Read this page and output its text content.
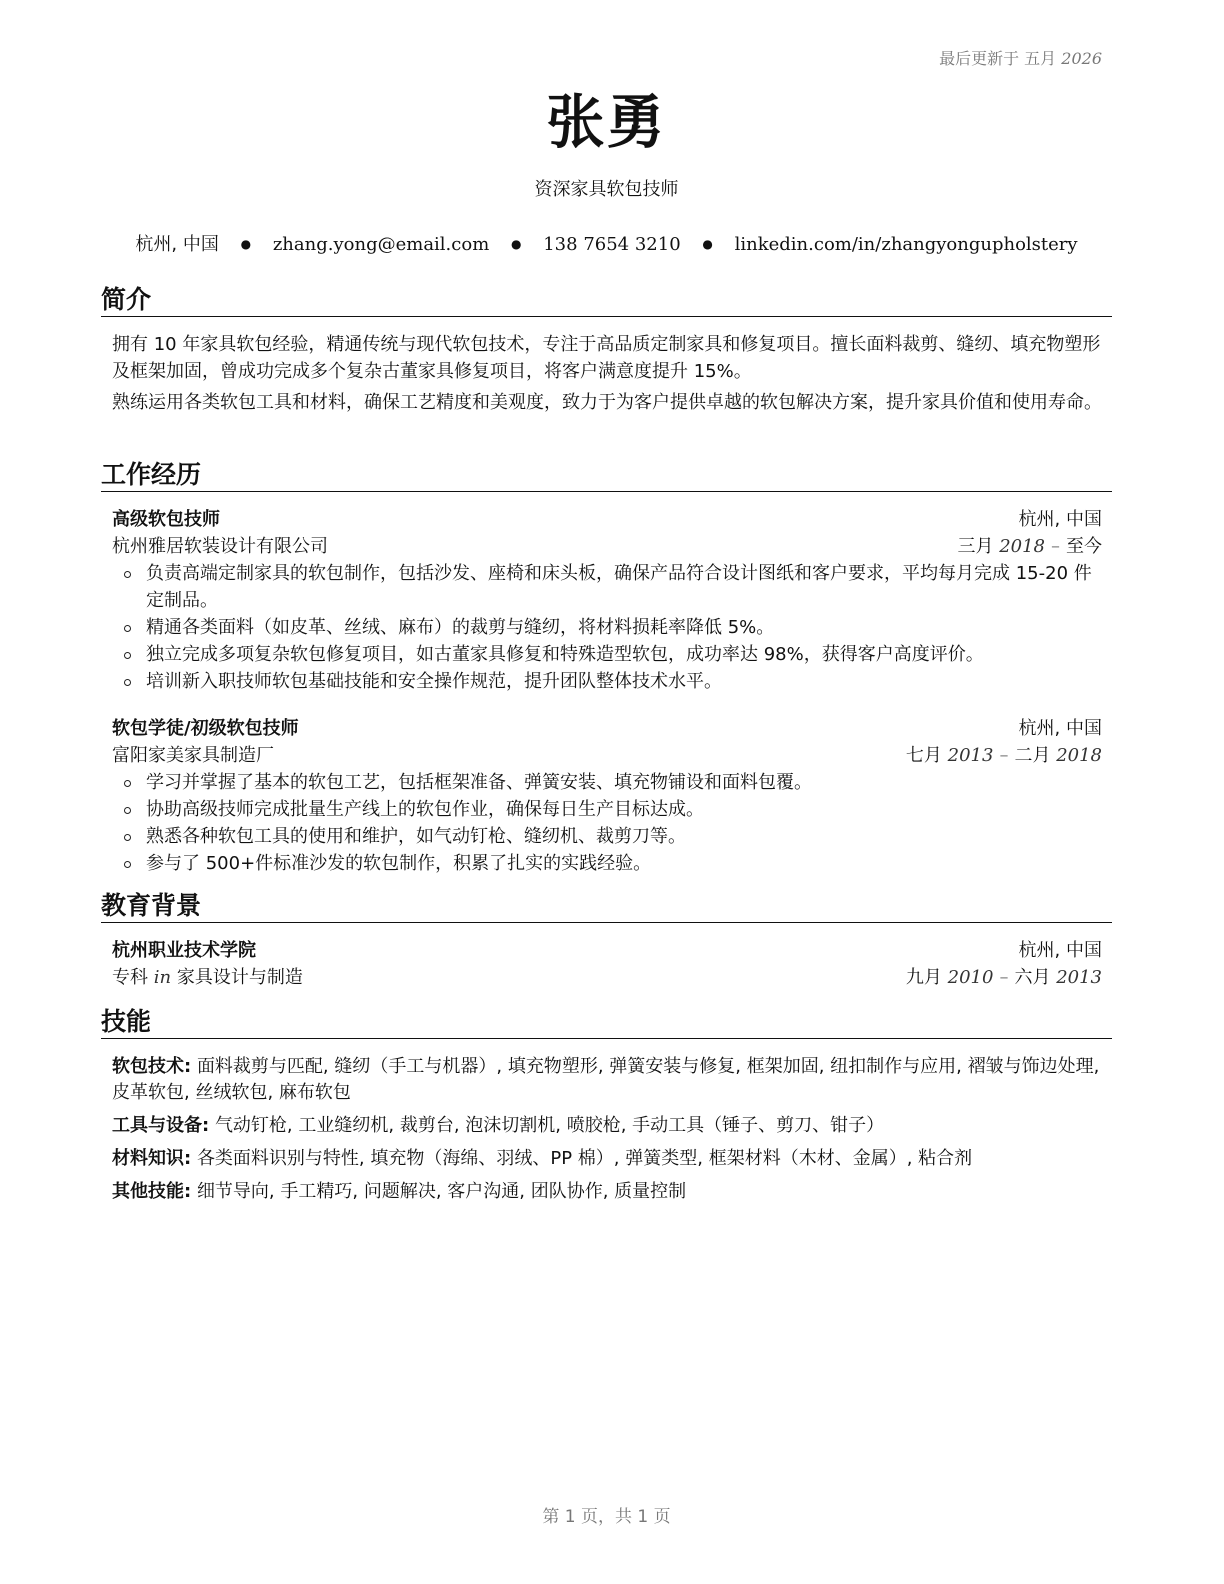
最后更新于 五月 2026
张勇
资深家具软包技师
杭州, 中国 ● zhang.yong@email.com ● 138 7654 3210 ● linkedin.com/in/zhangyongupholstery
简介

拥有 10 年家具软包经验，精通传统与现代软包技术，专注于高品质定制家具和修复项目。擅长面料裁剪、缝纫、填充物塑形及框架加固，曾成功完成多个复杂古董家具修复项目，将客户满意度提升 15%。

熟练运用各类软包工具和材料，确保工艺精度和美观度，致力于为客户提供卓越的软包解决方案，提升家具价值和使用寿命。

工作经历
高级软包技师	杭州, 中国
杭州雅居软装设计有限公司	三月 2018 – 至今
负责高端定制家具的软包制作，包括沙发、座椅和床头板，确保产品符合设计图纸和客户要求，平均每月完成 15-20 件定制品。
精通各类面料（如皮革、丝绒、麻布）的裁剪与缝纫，将材料损耗率降低 5%。
独立完成多项复杂软包修复项目，如古董家具修复和特殊造型软包，成功率达 98%，获得客户高度评价。
培训新入职技师软包基础技能和安全操作规范，提升团队整体技术水平。
软包学徒/初级软包技师	杭州, 中国
富阳家美家具制造厂	七月 2013 – 二月 2018
学习并掌握了基本的软包工艺，包括框架准备、弹簧安装、填充物铺设和面料包覆。
协助高级技师完成批量生产线上的软包作业，确保每日生产目标达成。
熟悉各种软包工具的使用和维护，如气动钉枪、缝纫机、裁剪刀等。
参与了 500+件标准沙发的软包制作，积累了扎实的实践经验。
教育背景
杭州职业技术学院	杭州, 中国
专科 in 家具设计与制造	九月 2010 – 六月 2013
技能
软包技术: 面料裁剪与匹配, 缝纫（手工与机器）, 填充物塑形, 弹簧安装与修复, 框架加固, 纽扣制作与应用, 褶皱与饰边处理, 皮革软包, 丝绒软包, 麻布软包
工具与设备: 气动钉枪, 工业缝纫机, 裁剪台, 泡沫切割机, 喷胶枪, 手动工具（锤子、剪刀、钳子）
材料知识: 各类面料识别与特性, 填充物（海绵、羽绒、PP 棉）, 弹簧类型, 框架材料（木材、金属）, 粘合剂
其他技能: 细节导向, 手工精巧, 问题解决, 客户沟通, 团队协作, 质量控制
第 1 页，共 1 页
